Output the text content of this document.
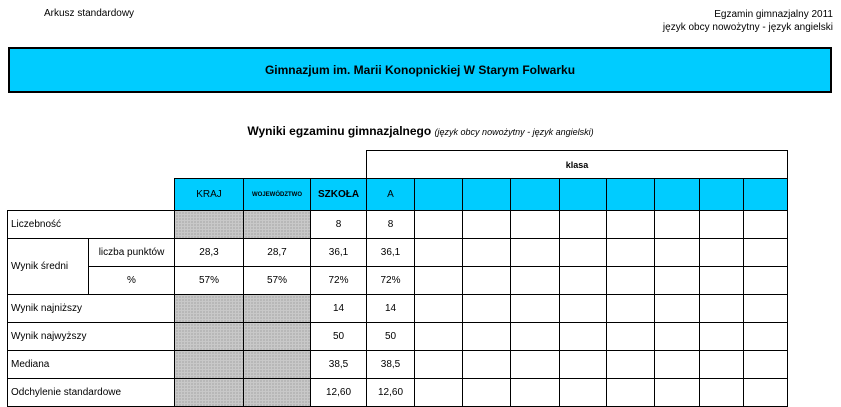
Arkusz standardowy	Egzamin gimnazjalny 2011
język obcy nowożytny - język angielski
Gimnazjum im. Marii Konopnickiej W Starym Folwarku
Wyniki egzaminu gimnazjalnego (język obcy nowożytny - język angielski)
					klasa								
		KRAJ	WOJEWÓDZTWO	SZKOŁA	A								
Liczebność				8	8								
Wynik średni	liczba punktów	28,3	28,7	36,1	36,1								
	%	57%	57%	72%	72%								
Wynik najniższy				14	14								
Wynik najwyższy				50	50								
Mediana				38,5	38,5								
Odchylenie standardowe				12,60	12,60								
